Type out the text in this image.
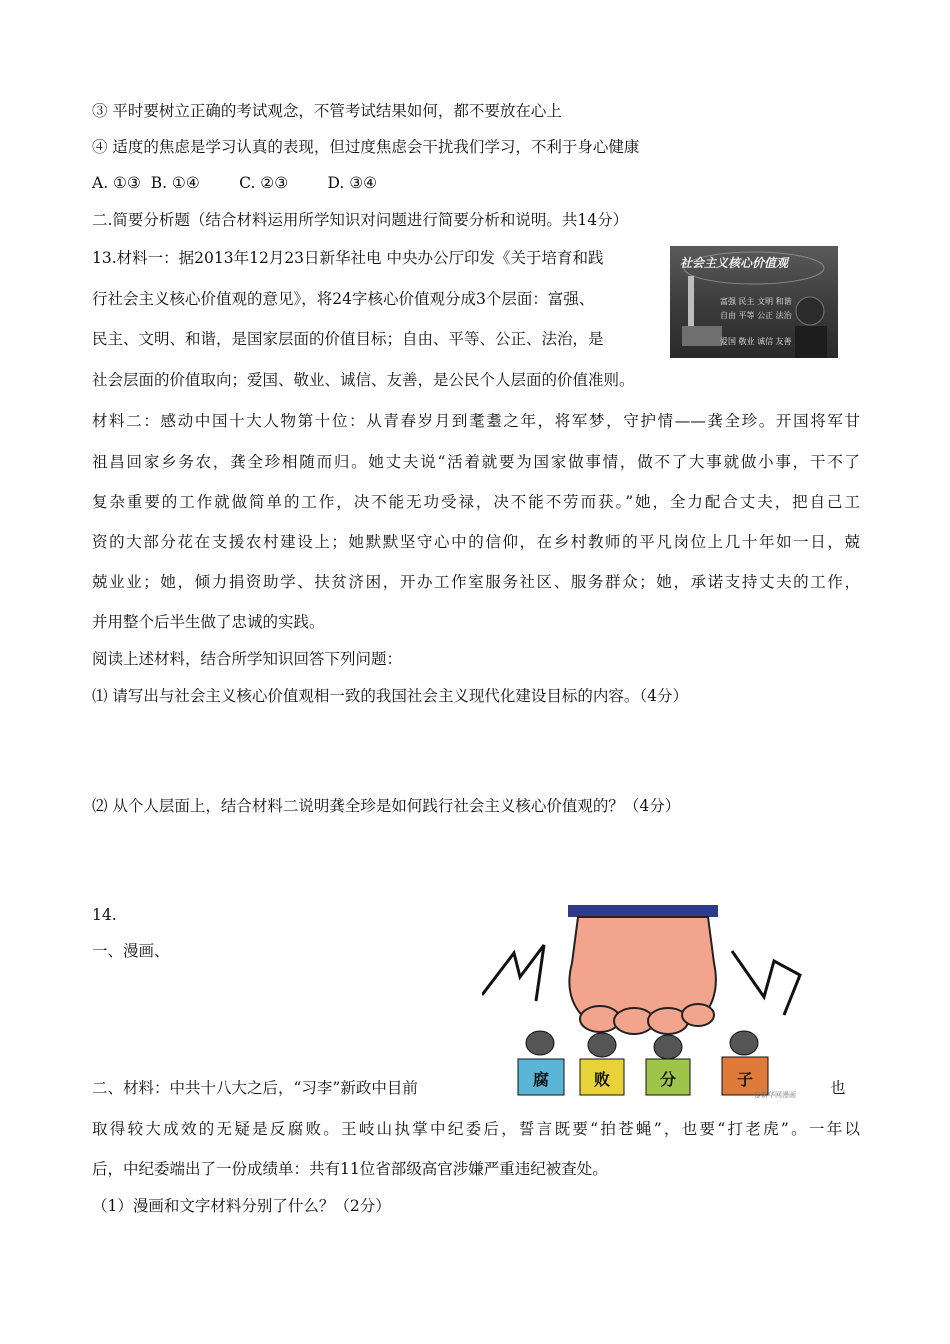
③ 平时要树立正确的考试观念，不管考试结果如何，都不要放在心上
④ 适度的焦虑是学习认真的表现，但过度焦虑会干扰我们学习，不利于身心健康
A. ①③  B. ①④        C. ②③        D. ③④
二.简要分析题（结合材料运用所学知识对问题进行简要分析和说明。共14分）
13.材料一：据2013年12月23日新华社电 中央办公厅印发《关于培育和践
行社会主义核心价值观的意见》，将24字核心价值观分成3个层面：富强、
民主、文明、和谐，是国家层面的价值目标；自由、平等、公正、法治，是
社会层面的价值取向；爱国、敬业、诚信、友善，是公民个人层面的价值准则。
社会主义核心价值观
富强 民主 文明 和谐
自由 平等 公正 法治
爱国 敬业 诚信 友善
材料二：感动中国十大人物第十位：从青春岁月到耄耋之年，将军梦，守护情——龚全珍。开国将军甘
祖昌回家乡务农，龚全珍相随而归。她丈夫说“活着就要为国家做事情，做不了大事就做小事，干不了
复杂重要的工作就做简单的工作，决不能无功受禄，决不能不劳而获。”她，全力配合丈夫，把自己工
资的大部分花在支援农村建设上；她默默坚守心中的信仰，在乡村教师的平凡岗位上几十年如一日，兢
兢业业；她，倾力捐资助学、扶贫济困，开办工作室服务社区、服务群众；她，承诺支持丈夫的工作，
并用整个后半生做了忠诚的实践。
阅读上述材料，结合所学知识回答下列问题：
⑴ 请写出与社会主义核心价值观相一致的我国社会主义现代化建设目标的内容。（4分）
⑵ 从个人层面上，结合材料二说明龚全珍是如何践行社会主义核心价值观的？（4分）
14.
一、漫画、
二、材料：中共十八大之后，“习李”新政中目前	也
取得较大成效的无疑是反腐败。王岐山执掌中纪委后，誓言既要“拍苍蝇”，也要“打老虎”。一年以
后，中纪委端出了一份成绩单：共有11位省部级高官涉嫌严重违纪被查处。
（1）漫画和文字材料分别了什么？（2分）
腐	败	分	子
@新华网漫画
